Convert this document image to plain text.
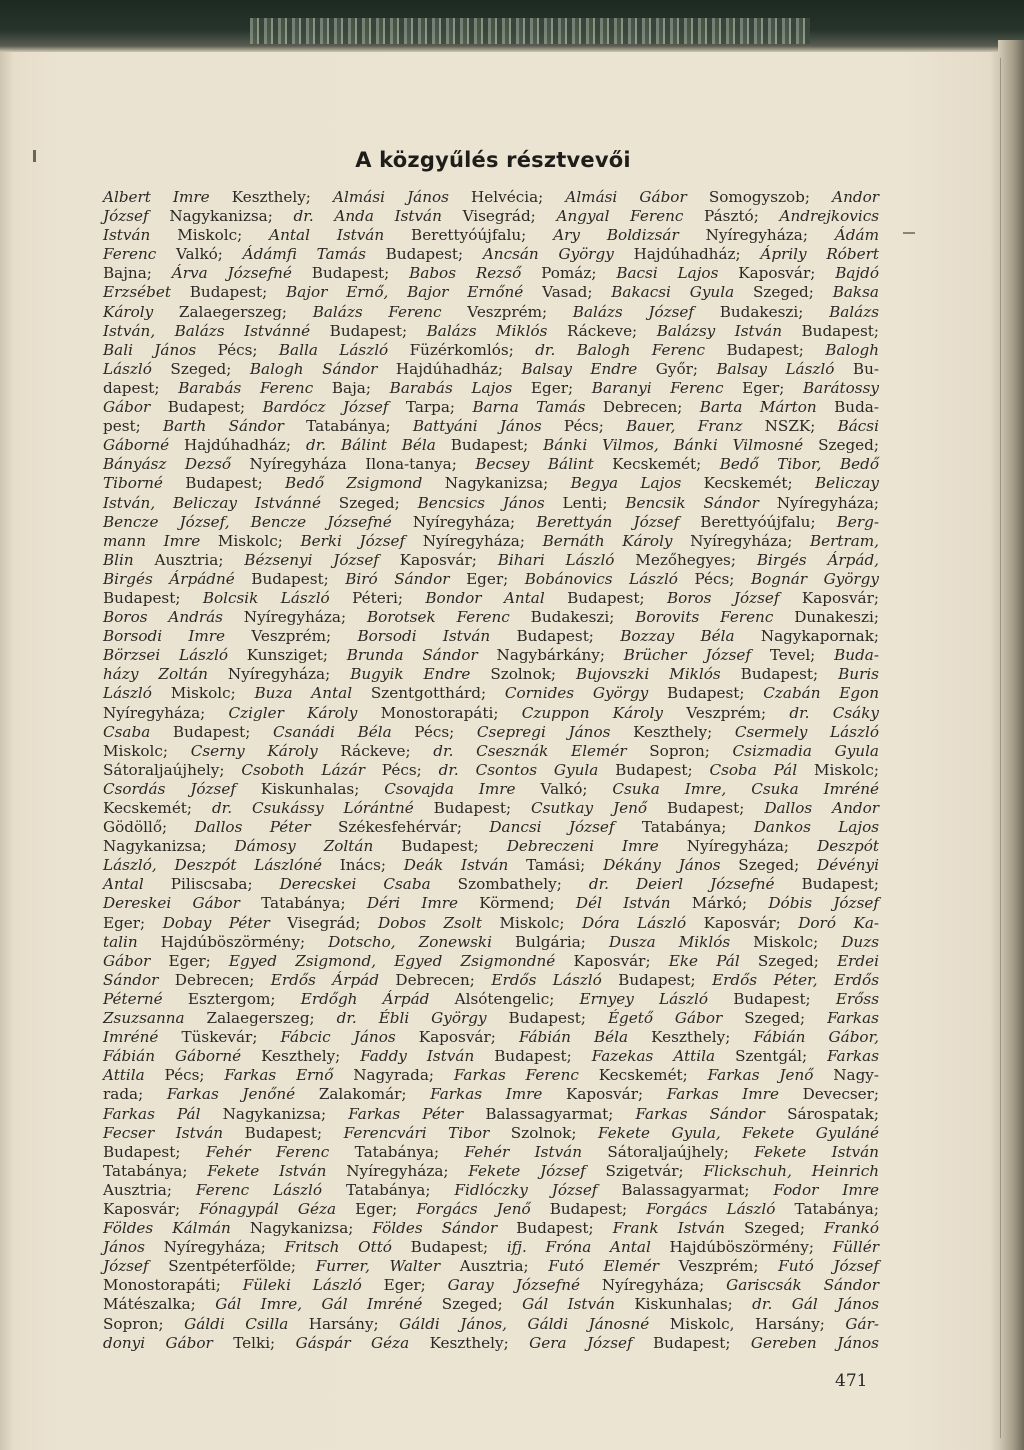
A közgyűlés résztvevői
Albert Imre Keszthely; Almási János Helvécia; Almási Gábor Somogyszob; Andor
József Nagykanizsa; dr. Anda István Visegrád; Angyal Ferenc Pásztó; Andrejkovics
István Miskolc; Antal István Berettyóújfalu; Ary Boldizsár Nyíregyháza; Ádám
Ferenc Valkó; Ádámfi Tamás Budapest; Ancsán György Hajdúhadház; Áprily Róbert
Bajna; Árva Józsefné Budapest; Babos Rezső Pomáz; Bacsi Lajos Kaposvár; Bajdó
Erzsébet Budapest; Bajor Ernő, Bajor Ernőné Vasad; Bakacsi Gyula Szeged; Baksa
Károly Zalaegerszeg; Balázs Ferenc Veszprém; Balázs József Budakeszi; Balázs
István, Balázs Istvánné Budapest; Balázs Miklós Ráckeve; Balázsy István Budapest;
Bali János Pécs; Balla László Füzérkomlós; dr. Balogh Ferenc Budapest; Balogh
László Szeged; Balogh Sándor Hajdúhadház; Balsay Endre Győr; Balsay László Bu-
dapest; Barabás Ferenc Baja; Barabás Lajos Eger; Baranyi Ferenc Eger; Barátossy
Gábor Budapest; Bardócz József Tarpa; Barna Tamás Debrecen; Barta Márton Buda-
pest; Barth Sándor Tatabánya; Battyáni János Pécs; Bauer, Franz NSZK; Bácsi
Gáborné Hajdúhadház; dr. Bálint Béla Budapest; Bánki Vilmos, Bánki Vilmosné Szeged;
Bányász Dezső Nyíregyháza Ilona-tanya; Becsey Bálint Kecskemét; Bedő Tibor, Bedő
Tiborné Budapest; Bedő Zsigmond Nagykanizsa; Begya Lajos Kecskemét; Beliczay
István, Beliczay Istvánné Szeged; Bencsics János Lenti; Bencsik Sándor Nyíregyháza;
Bencze József, Bencze Józsefné Nyíregyháza; Berettyán József Berettyóújfalu; Berg-
mann Imre Miskolc; Berki József Nyíregyháza; Bernáth Károly Nyíregyháza; Bertram,
Blin Ausztria; Bézsenyi József Kaposvár; Bihari László Mezőhegyes; Birgés Árpád,
Birgés Árpádné Budapest; Biró Sándor Eger; Bobánovics László Pécs; Bognár György
Budapest; Bolcsik László Péteri; Bondor Antal Budapest; Boros József Kaposvár;
Boros András Nyíregyháza; Borotsek Ferenc Budakeszi; Borovits Ferenc Dunakeszi;
Borsodi Imre Veszprém; Borsodi István Budapest; Bozzay Béla Nagykapornak;
Börzsei László Kunsziget; Brunda Sándor Nagybárkány; Brücher József Tevel; Buda-
házy Zoltán Nyíregyháza; Bugyik Endre Szolnok; Bujovszki Miklós Budapest; Buris
László Miskolc; Buza Antal Szentgotthárd; Cornides György Budapest; Czabán Egon
Nyíregyháza; Czigler Károly Monostorapáti; Czuppon Károly Veszprém; dr. Csáky
Csaba Budapest; Csanádi Béla Pécs; Csepregi János Keszthely; Csermely László
Miskolc; Cserny Károly Ráckeve; dr. Csesznák Elemér Sopron; Csizmadia Gyula
Sátoraljaújhely; Csoboth Lázár Pécs; dr. Csontos Gyula Budapest; Csoba Pál Miskolc;
Csordás József Kiskunhalas; Csovajda Imre Valkó; Csuka Imre, Csuka Imréné
Kecskemét; dr. Csukássy Lórántné Budapest; Csutkay Jenő Budapest; Dallos Andor
Gödöllő; Dallos Péter Székesfehérvár; Dancsi József Tatabánya; Dankos Lajos
Nagykanizsa; Dámosy Zoltán Budapest; Debreczeni Imre Nyíregyháza; Deszpót
László, Deszpót Lászlóné Inács; Deák István Tamási; Dékány János Szeged; Dévényi
Antal Piliscsaba; Derecskei Csaba Szombathely; dr. Deierl Józsefné Budapest;
Dereskei Gábor Tatabánya; Déri Imre Körmend; Dél István Márkó; Dóbis József
Eger; Dobay Péter Visegrád; Dobos Zsolt Miskolc; Dóra László Kaposvár; Doró Ka-
talin Hajdúböszörmény; Dotscho, Zonewski Bulgária; Dusza Miklós Miskolc; Duzs
Gábor Eger; Egyed Zsigmond, Egyed Zsigmondné Kaposvár; Eke Pál Szeged; Erdei
Sándor Debrecen; Erdős Árpád Debrecen; Erdős László Budapest; Erdős Péter, Erdős
Péterné Esztergom; Erdőgh Árpád Alsótengelic; Ernyey László Budapest; Erőss
Zsuzsanna Zalaegerszeg; dr. Ébli György Budapest; Égető Gábor Szeged; Farkas
Imréné Tüskevár; Fábcic János Kaposvár; Fábián Béla Keszthely; Fábián Gábor,
Fábián Gáborné Keszthely; Faddy István Budapest; Fazekas Attila Szentgál; Farkas
Attila Pécs; Farkas Ernő Nagyrada; Farkas Ferenc Kecskemét; Farkas Jenő Nagy-
rada; Farkas Jenőné Zalakomár; Farkas Imre Kaposvár; Farkas Imre Devecser;
Farkas Pál Nagykanizsa; Farkas Péter Balassagyarmat; Farkas Sándor Sárospatak;
Fecser István Budapest; Ferencvári Tibor Szolnok; Fekete Gyula, Fekete Gyuláné
Budapest; Fehér Ferenc Tatabánya; Fehér István Sátoraljaújhely; Fekete István
Tatabánya; Fekete István Nyíregyháza; Fekete József Szigetvár; Flickschuh, Heinrich
Ausztria; Ferenc László Tatabánya; Fidlóczky József Balassagyarmat; Fodor Imre
Kaposvár; Fónagypál Géza Eger; Forgács Jenő Budapest; Forgács László Tatabánya;
Földes Kálmán Nagykanizsa; Földes Sándor Budapest; Frank István Szeged; Frankó
János Nyíregyháza; Fritsch Ottó Budapest; ifj. Fróna Antal Hajdúböszörmény; Füllér
József Szentpéterfölde; Furrer, Walter Ausztria; Futó Elemér Veszprém; Futó József
Monostorapáti; Füleki László Eger; Garay Józsefné Nyíregyháza; Gariscsák Sándor
Mátészalka; Gál Imre, Gál Imréné Szeged; Gál István Kiskunhalas; dr. Gál János
Sopron; Gáldi Csilla Harsány; Gáldi János, Gáldi Jánosné Miskolc, Harsány; Gár-
donyi Gábor Telki; Gáspár Géza Keszthely; Gera József Budapest; Gereben János
471
